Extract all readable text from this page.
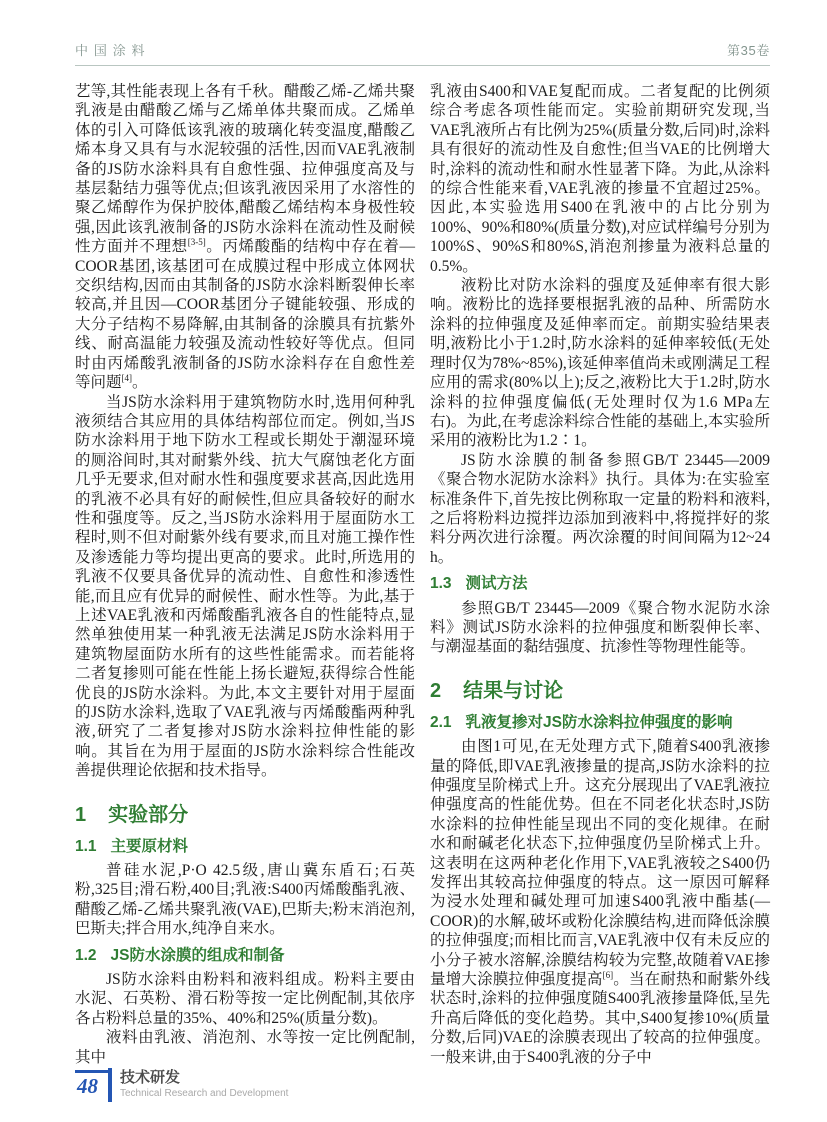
中国涂料	第35卷

艺等,其性能表现上各有千秋。醋酸乙烯-乙烯共聚乳液是由醋酸乙烯与乙烯单体共聚而成。乙烯单体的引入可降低该乳液的玻璃化转变温度,醋酸乙烯本身又具有与水泥较强的活性,因而VAE乳液制备的JS防水涂料具有自愈性强、拉伸强度高及与基层黏结力强等优点;但该乳液因采用了水溶性的聚乙烯醇作为保护胶体,醋酸乙烯结构本身极性较强,因此该乳液制备的JS防水涂料在流动性及耐候性方面并不理想[3-5]。丙烯酸酯的结构中存在着—COOR基团,该基团可在成膜过程中形成立体网状交织结构,因而由其制备的JS防水涂料断裂伸长率较高,并且因—COOR基团分子键能较强、形成的大分子结构不易降解,由其制备的涂膜具有抗紫外线、耐高温能力较强及流动性较好等优点。但同时由丙烯酸乳液制备的JS防水涂料存在自愈性差等问题[4]。

当JS防水涂料用于建筑物防水时,选用何种乳液须结合其应用的具体结构部位而定。例如,当JS防水涂料用于地下防水工程或长期处于潮湿环境的厕浴间时,其对耐紫外线、抗大气腐蚀老化方面几乎无要求,但对耐水性和强度要求甚高,因此选用的乳液不必具有好的耐候性,但应具备较好的耐水性和强度等。反之,当JS防水涂料用于屋面防水工程时,则不但对耐紫外线有要求,而且对施工操作性及渗透能力等均提出更高的要求。此时,所选用的乳液不仅要具备优异的流动性、自愈性和渗透性能,而且应有优异的耐候性、耐水性等。为此,基于上述VAE乳液和丙烯酸酯乳液各自的性能特点,显然单独使用某一种乳液无法满足JS防水涂料用于建筑物屋面防水所有的这些性能需求。而若能将二者复掺则可能在性能上扬长避短,获得综合性能优良的JS防水涂料。为此,本文主要针对用于屋面的JS防水涂料,选取了VAE乳液与丙烯酸酯两种乳液,研究了二者复掺对JS防水涂料拉伸性能的影响。其旨在为用于屋面的JS防水涂料综合性能改善提供理论依据和技术指导。

1 实验部分
1.1 主要原材料

普硅水泥,P·O 42.5级,唐山冀东盾石;石英粉,325目;滑石粉,400目;乳液:S400丙烯酸酯乳液、醋酸乙烯-乙烯共聚乳液(VAE),巴斯夫;粉末消泡剂,巴斯夫;拌合用水,纯净自来水。

1.2 JS防水涂膜的组成和制备

JS防水涂料由粉料和液料组成。粉料主要由水泥、石英粉、滑石粉等按一定比例配制,其依序各占粉料总量的35%、40%和25%(质量分数)。

液料由乳液、消泡剂、水等按一定比例配制,其中

乳液由S400和VAE复配而成。二者复配的比例须综合考虑各项性能而定。实验前期研究发现,当VAE乳液所占有比例为25%(质量分数,后同)时,涂料具有很好的流动性及自愈性;但当VAE的比例增大时,涂料的流动性和耐水性显著下降。为此,从涂料的综合性能来看,VAE乳液的掺量不宜超过25%。因此,本实验选用S400在乳液中的占比分别为100%、90%和80%(质量分数),对应试样编号分别为100%S、90%S和80%S,消泡剂掺量为液料总量的0.5%。

液粉比对防水涂料的强度及延伸率有很大影响。液粉比的选择要根据乳液的品种、所需防水涂料的拉伸强度及延伸率而定。前期实验结果表明,液粉比小于1.2时,防水涂料的延伸率较低(无处理时仅为78%~85%),该延伸率值尚未或刚满足工程应用的需求(80%以上);反之,液粉比大于1.2时,防水涂料的拉伸强度偏低(无处理时仅为1.6 MPa左右)。为此,在考虑涂料综合性能的基础上,本实验所采用的液粉比为1.2∶1。

JS防水涂膜的制备参照GB/T 23445—2009《聚合物水泥防水涂料》执行。具体为:在实验室标准条件下,首先按比例称取一定量的粉料和液料,之后将粉料边搅拌边添加到液料中,将搅拌好的浆料分两次进行涂覆。两次涂覆的时间间隔为12~24 h。

1.3 测试方法

参照GB/T 23445—2009《聚合物水泥防水涂料》测试JS防水涂料的拉伸强度和断裂伸长率、与潮湿基面的黏结强度、抗渗性等物理性能等。

2 结果与讨论
2.1 乳液复掺对JS防水涂料拉伸强度的影响

由图1可见,在无处理方式下,随着S400乳液掺量的降低,即VAE乳液掺量的提高,JS防水涂料的拉伸强度呈阶梯式上升。这充分展现出了VAE乳液拉伸强度高的性能优势。但在不同老化状态时,JS防水涂料的拉伸性能呈现出不同的变化规律。在耐水和耐碱老化状态下,拉伸强度仍呈阶梯式上升。这表明在这两种老化作用下,VAE乳液较之S400仍发挥出其较高拉伸强度的特点。这一原因可解释为浸水处理和碱处理可加速S400乳液中酯基(—COOR)的水解,破坏或粉化涂膜结构,进而降低涂膜的拉伸强度;而相比而言,VAE乳液中仅有未反应的小分子被水溶解,涂膜结构较为完整,故随着VAE掺量增大涂膜拉伸强度提高[6]。当在耐热和耐紫外线状态时,涂料的拉伸强度随S400乳液掺量降低,呈先升高后降低的变化趋势。其中,S400复掺10%(质量分数,后同)VAE的涂膜表现出了较高的拉伸强度。一般来讲,由于S400乳液的分子中

48	技术研发
Technical Research and Development
